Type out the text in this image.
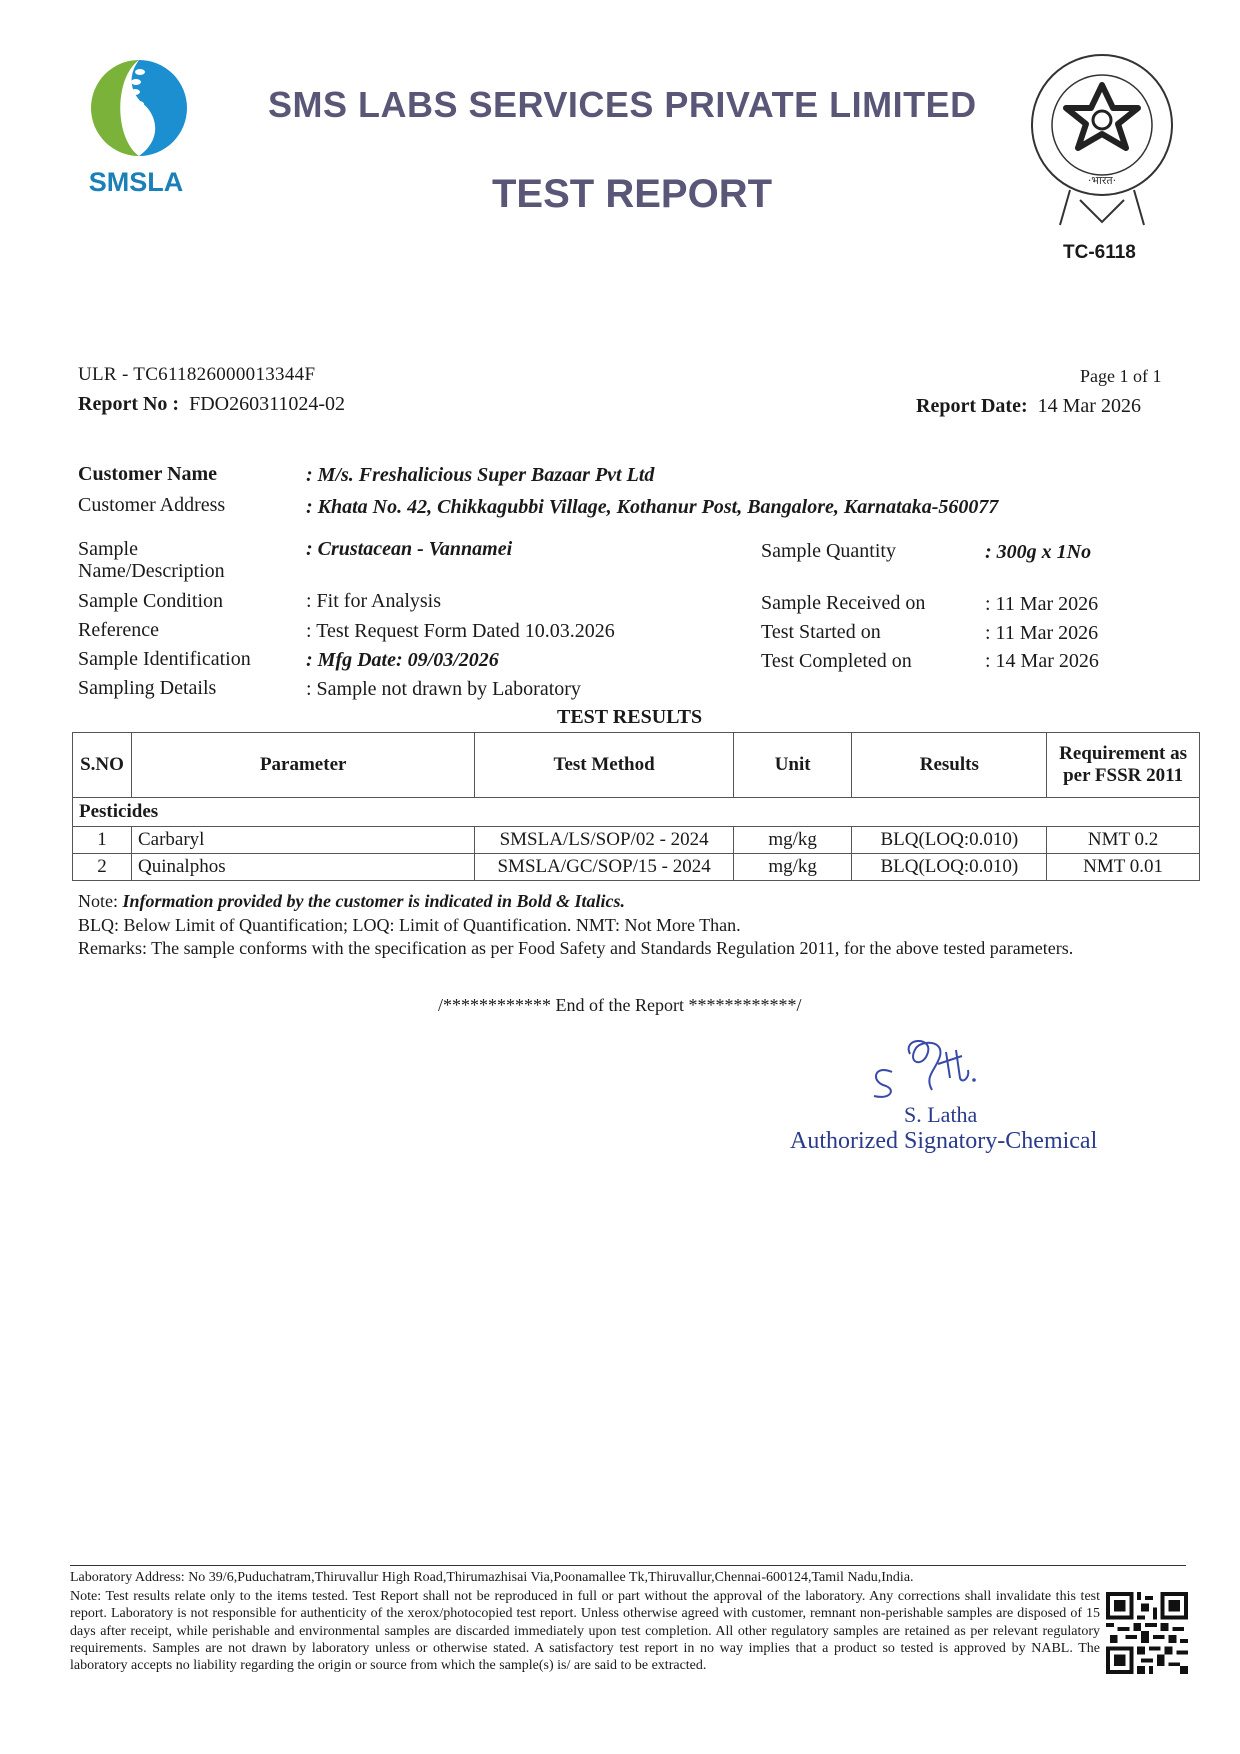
SMSLA
SMS LABS SERVICES PRIVATE LIMITED
TEST REPORT	·भारत·
TC-6118
ULR - TC611826000013344F
Report No : FDO260311024-02
Page 1 of 1
Report Date: 14 Mar 2026
Customer Name	: M/s. Freshalicious Super Bazaar Pvt Ltd
Customer Address	: Khata No. 42, Chikkagubbi Village, Kothanur Post, Bangalore, Karnataka-560077
Sample
Name/Description
: Crustacean - Vannamei	Sample Quantity	: 300g x 1No
Sample Condition	: Fit for Analysis	Sample Received on	: 11 Mar 2026
Reference	: Test Request Form Dated 10.03.2026	Test Started on	: 11 Mar 2026
Sample Identification	: Mfg Date: 09/03/2026	Test Completed on	: 14 Mar 2026
Sampling Details	: Sample not drawn by Laboratory
TEST RESULTS
S.NO	Parameter	Test Method	Unit	Results	Requirement as per FSSR 2011
Pesticides					
1	Carbaryl	SMSLA/LS/SOP/02 - 2024	mg/kg	BLQ(LOQ:0.010)	NMT 0.2
2	Quinalphos	SMSLA/GC/SOP/15 - 2024	mg/kg	BLQ(LOQ:0.010)	NMT 0.01
Note: Information provided by the customer is indicated in Bold & Italics.
BLQ: Below Limit of Quantification; LOQ: Limit of Quantification. NMT: Not More Than.
Remarks: The sample conforms with the specification as per Food Safety and Standards Regulation 2011, for the above tested parameters.
/************ End of the Report ************/
S. Latha
Authorized Signatory-Chemical
Laboratory Address: No 39/6,Puduchatram,Thiruvallur High Road,Thirumazhisai Via,Poonamallee Tk,Thiruvallur,Chennai-600124,Tamil Nadu,India.
Note: Test results relate only to the items tested. Test Report shall not be reproduced in full or part without the approval of the laboratory. Any corrections shall invalidate this test report. Laboratory is not responsible for authenticity of the xerox/photocopied test report. Unless otherwise agreed with customer, remnant non-perishable samples are disposed of 15 days after receipt, while perishable and environmental samples are discarded immediately upon test completion. All other regulatory samples are retained as per relevant regulatory requirements. Samples are not drawn by laboratory unless or otherwise stated. A satisfactory test report in no way implies that a product so tested is approved by NABL. The laboratory accepts no liability regarding the origin or source from which the sample(s) is/ are said to be extracted.
